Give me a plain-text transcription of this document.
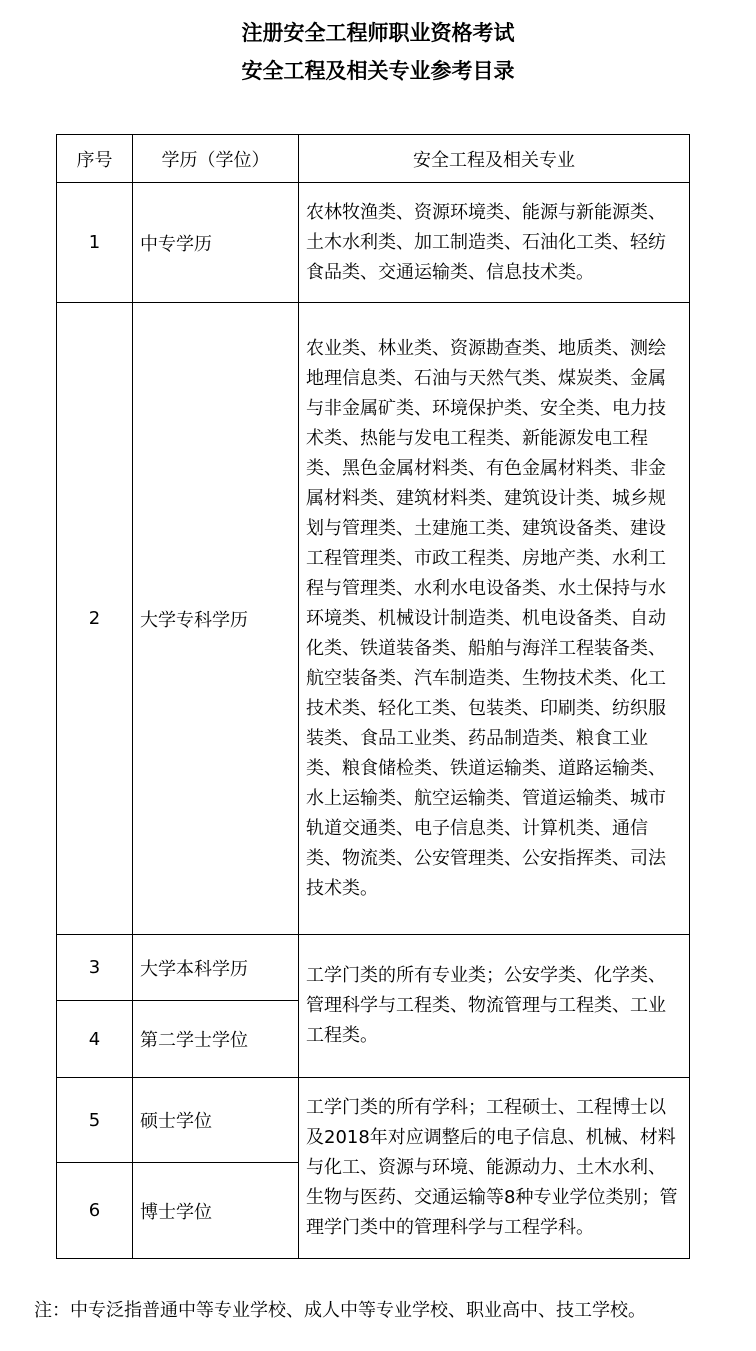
注册安全工程师职业资格考试
安全工程及相关专业参考目录
序号	学历（学位）	安全工程及相关专业
1	中专学历	农林牧渔类、资源环境类、能源与新能源类、土木水利类、加工制造类、石油化工类、轻纺食品类、交通运输类、信息技术类。
2	大学专科学历	农业类、林业类、资源勘查类、地质类、测绘地理信息类、石油与天然气类、煤炭类、金属与非金属矿类、环境保护类、安全类、电力技术类、热能与发电工程类、新能源发电工程类、黑色金属材料类、有色金属材料类、非金属材料类、建筑材料类、建筑设计类、城乡规划与管理类、土建施工类、建筑设备类、建设工程管理类、市政工程类、房地产类、水利工程与管理类、水利水电设备类、水土保持与水环境类、机械设计制造类、机电设备类、自动化类、铁道装备类、船舶与海洋工程装备类、航空装备类、汽车制造类、生物技术类、化工技术类、轻化工类、包装类、印刷类、纺织服装类、食品工业类、药品制造类、粮食工业类、粮食储检类、铁道运输类、道路运输类、水上运输类、航空运输类、管道运输类、城市轨道交通类、电子信息类、计算机类、通信类、物流类、公安管理类、公安指挥类、司法技术类。
3	大学本科学历	工学门类的所有专业类；公安学类、化学类、管理科学与工程类、物流管理与工程类、工业工程类。
4	第二学士学位	
5	硕士学位	工学门类的所有学科；工程硕士、工程博士以及2018年对应调整后的电子信息、机械、材料与化工、资源与环境、能源动力、土木水利、生物与医药、交通运输等8种专业学位类别；管理学门类中的管理科学与工程学科。
6	博士学位	
注：中专泛指普通中等专业学校、成人中等专业学校、职业高中、技工学校。
